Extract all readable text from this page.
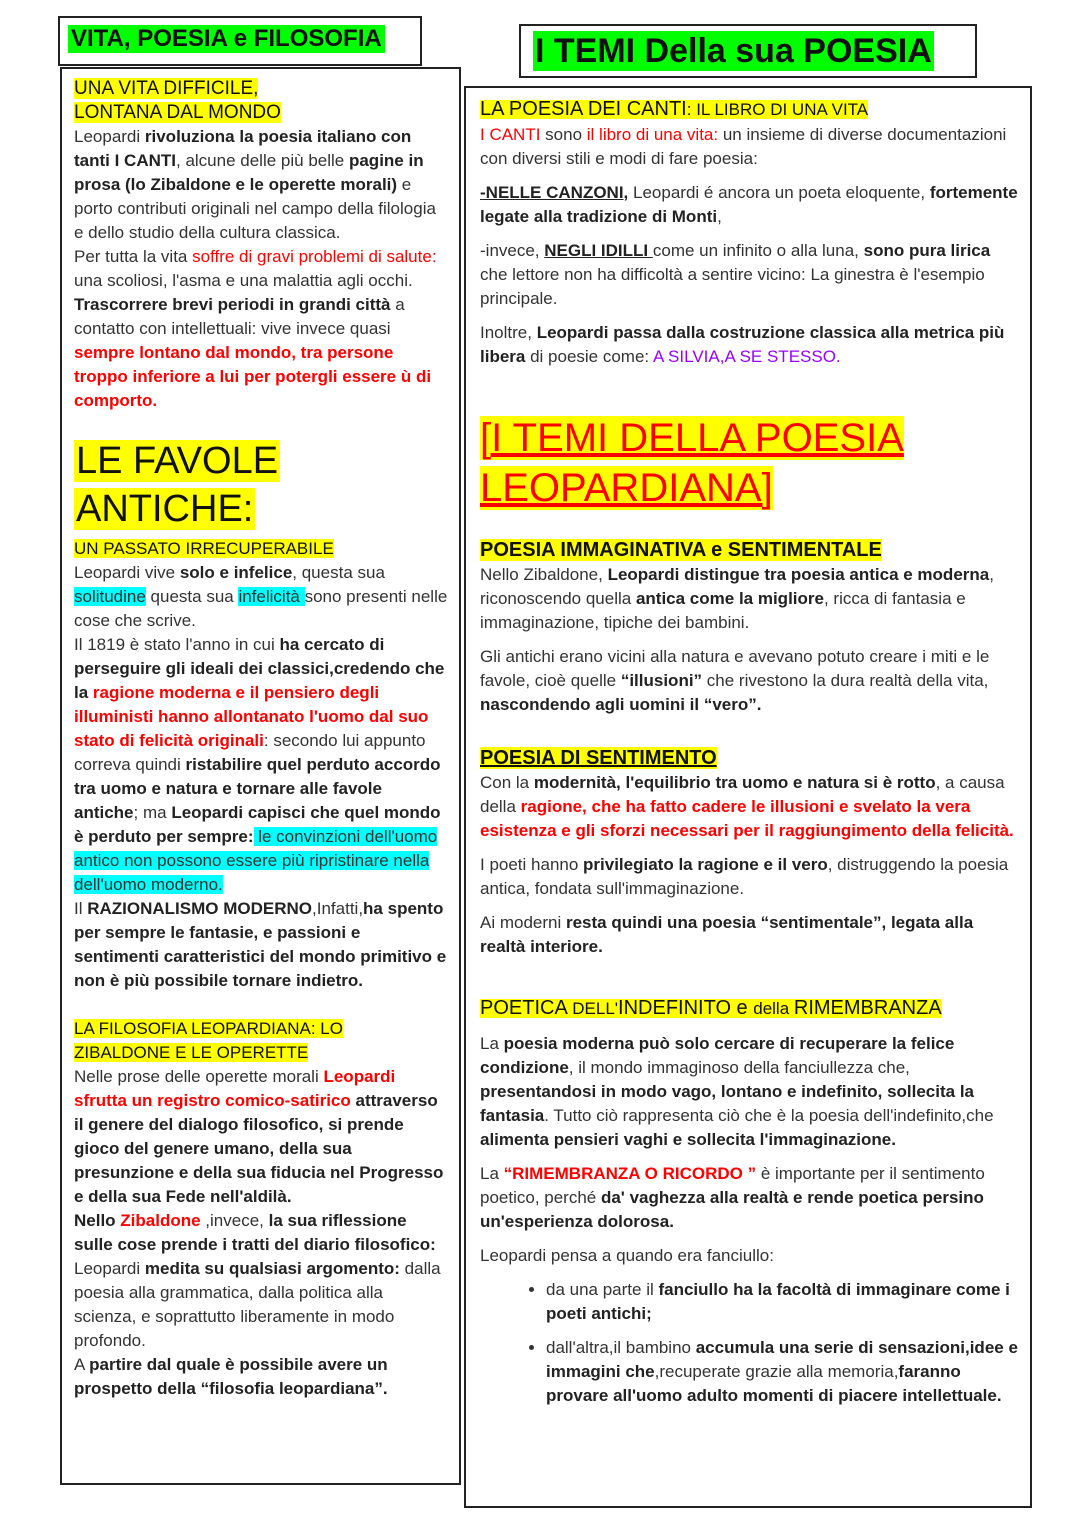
VITA, POESIA e FILOSOFIA
UNA VITA DIFFICILE,
LONTANA DAL MONDO

Leopardi rivoluziona la poesia italiano con tanti I CANTI, alcune delle più belle pagine in prosa (lo Zibaldone e le operette morali) e porto contributi originali nel campo della filologia e dello studio della cultura classica.

Per tutta la vita soffre di gravi problemi di salute: una scoliosi, l'asma e una malattia agli occhi. Trascorrere brevi periodi in grandi città a contatto con intellettuali: vive invece quasi sempre lontano dal mondo, tra persone troppo inferiore a lui per potergli essere ù di comporto.

LE FAVOLE
ANTICHE:
UN PASSATO IRRECUPERABILE

Leopardi vive solo e infelice, questa sua solitudine questa sua infelicità sono presenti nelle cose che scrive.

Il 1819 è stato l'anno in cui ha cercato di perseguire gli ideali dei classici,credendo che la ragione moderna e il pensiero degli illuministi hanno allontanato l'uomo dal suo stato di felicità originali: secondo lui appunto correva quindi ristabilire quel perduto accordo tra uomo e natura e tornare alle favole antiche; ma Leopardi capisci che quel mondo è perduto per sempre: le convinzioni dell'uomo antico non possono essere più ripristinare nella dell'uomo moderno.

Il RAZIONALISMO MODERNO,Infatti,ha spento per sempre le fantasie, e passioni e sentimenti caratteristici del mondo primitivo e non è più possibile tornare indietro.

LA FILOSOFIA LEOPARDIANA: LO ZIBALDONE E LE OPERETTE

Nelle prose delle operette morali Leopardi sfrutta un registro comico-satirico attraverso il genere del dialogo filosofico, si prende gioco del genere umano, della sua presunzione e della sua fiducia nel Progresso e della sua Fede nell'aldilà.

Nello Zibaldone ,invece, la sua riflessione sulle cose prende i tratti del diario filosofico: Leopardi medita su qualsiasi argomento: dalla poesia alla grammatica, dalla politica alla scienza, e soprattutto liberamente in modo profondo.

A partire dal quale è possibile avere un prospetto della “filosofia leopardiana”.

I TEMI Della sua POESIA
LA POESIA DEI CANTI: IL LIBRO DI UNA VITA

I CANTI sono il libro di una vita: un insieme di diverse documentazioni con diversi stili e modi di fare poesia:

-NELLE CANZONI, Leopardi é ancora un poeta eloquente, fortemente legate alla tradizione di Monti,

-invece, NEGLI IDILLI come un infinito o alla luna, sono pura lirica che lettore non ha difficoltà a sentire vicino: La ginestra è l'esempio principale.

Inoltre, Leopardi passa dalla costruzione classica alla metrica più libera di poesie come: A SILVIA,A SE STESSO.

[I TEMI DELLA POESIA
LEOPARDIANA]
POESIA IMMAGINATIVA e SENTIMENTALE

Nello Zibaldone, Leopardi distingue tra poesia antica e moderna, riconoscendo quella antica come la migliore, ricca di fantasia e immaginazione, tipiche dei bambini.

Gli antichi erano vicini alla natura e avevano potuto creare i miti e le favole, cioè quelle “illusioni” che rivestono la dura realtà della vita, nascondendo agli uomini il “vero”.

POESIA DI SENTIMENTO

Con la modernità, l'equilibrio tra uomo e natura si è rotto, a causa della ragione, che ha fatto cadere le illusioni e svelato la vera esistenza e gli sforzi necessari per il raggiungimento della felicità.

I poeti hanno privilegiato la ragione e il vero, distruggendo la poesia antica, fondata sull'immaginazione.

Ai moderni resta quindi una poesia “sentimentale”, legata alla realtà interiore.

POETICA DELL'INDEFINITO e della RIMEMBRANZA

La poesia moderna può solo cercare di recuperare la felice condizione, il mondo immaginoso della fanciullezza che, presentandosi in modo vago, lontano e indefinito, sollecita la fantasia. Tutto ciò rappresenta ciò che è la poesia dell'indefinito,che alimenta pensieri vaghi e sollecita l'immaginazione.

La “RIMEMBRANZA O RICORDO ” è importante per il sentimento poetico, perché da' vaghezza alla realtà e rende poetica persino un'esperienza dolorosa.

Leopardi pensa a quando era fanciullo:

• da una parte il fanciullo ha la facoltà di immaginare come i poeti antichi;
• dall'altra,il bambino accumula una serie di sensazioni,idee e immagini che,recuperate grazie alla memoria,faranno provare all'uomo adulto momenti di piacere intellettuale.
